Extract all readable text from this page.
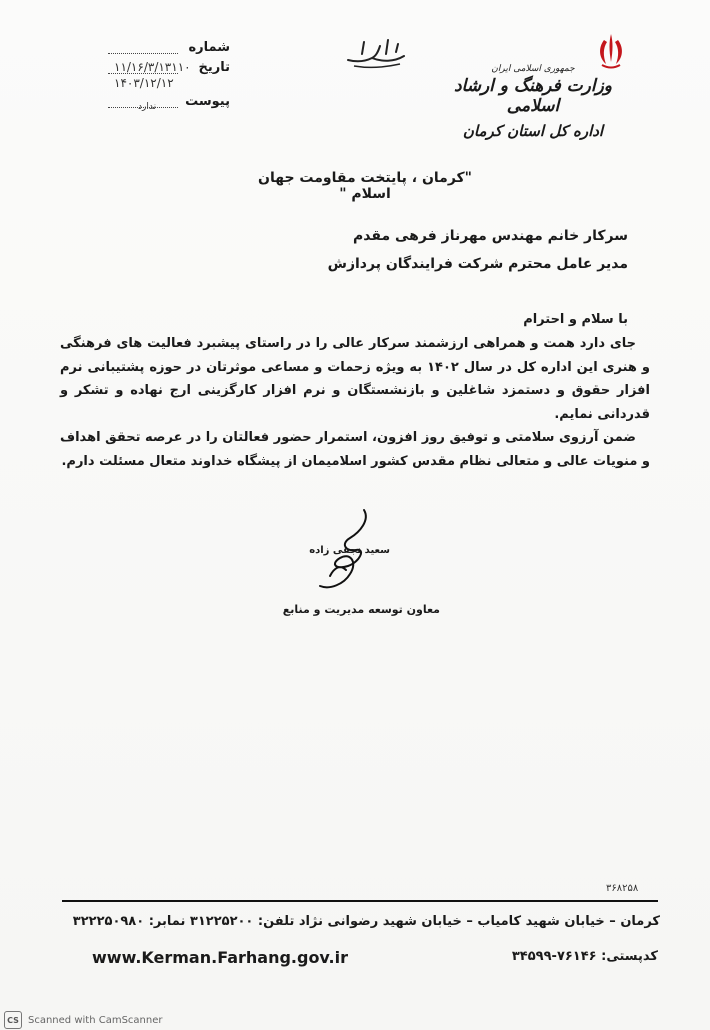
جمهوری اسلامی ایران
وزارت فرهنگ و ارشاد اسلامی
اداره کل استان کرمان
شماره
تاریخ
۱۱/۱۶/۳/۱۳۱۱۰
۱۴۰۳/۱۲/۱۲
پیوست
ندارد
"کرمان ، پایتخت مقاومت جهان اسلام "
سرکار خانم مهندس مهرناز فرهی مقدم
مدیر عامل محترم شرکت فرایندگان پردازش
با سلام و احترام

جای دارد همت و همراهی ارزشمند سرکار عالی را در راستای پیشبرد فعالیت های فرهنگی و هنری این اداره کل در سال ۱۴۰۲ به ویژه زحمات و مساعی موثرتان در حوزه پشتیبانی نرم افزار حقوق و دستمزد شاغلین و بازنشستگان و نرم افزار کارگزینی ارج نهاده و تشکر و قدردانی نمایم.

ضمن آرزوی سلامتی و توفیق روز افزون، استمرار حضور فعالتان را در عرصه تحقق اهداف و منویات عالی و متعالی نظام مقدس کشور اسلامیمان از پیشگاه خداوند متعال مسئلت دارم.

سعید نجفی زاده
معاون توسعه مدیریت و منابع
۳۶۸۲۵۸
کرمان – خیابان شهید کامیاب – خیابان شهید رضوانی نژاد تلفن: ۳۱۲۲۵۲۰۰ نمابر: ۳۲۲۲۵۰۹۸۰
کدپستی: ۷۶۱۴۶-۳۴۵۹۹
www.Kerman.Farhang.gov.ir
CS Scanned with CamScanner
